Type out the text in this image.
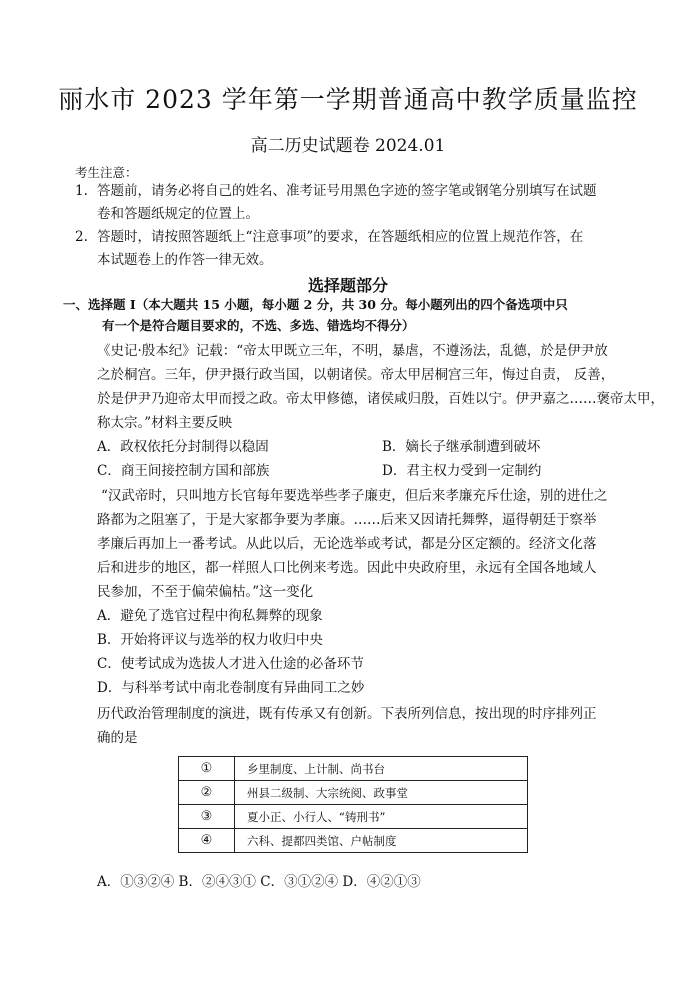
丽水市 2023 学年第一学期普通高中教学质量监控
高二历史试题卷 2024.01
考生注意：
1. 答题前，请务必将自己的姓名、准考证号用黑色字迹的签字笔或钢笔分别填写在试题
卷和答题纸规定的位置上。
2. 答题时，请按照答题纸上“注意事项”的要求，在答题纸相应的位置上规范作答，在
本试题卷上的作答一律无效。
选择题部分
一、选择题 I（本大题共 15 小题，每小题 2 分，共 30 分。每小题列出的四个备选项中只
有一个是符合题目要求的，不选、多选、错选均不得分）
《史记·殷本纪》记载：“帝太甲既立三年，不明，暴虐，不遵汤法，乱德，於是伊尹放
之於桐宫。三年，伊尹摄行政当国，以朝诸侯。帝太甲居桐宫三年，悔过自责， 反善，
於是伊尹乃迎帝太甲而授之政。帝太甲修德，诸侯咸归殷，百姓以宁。伊尹嘉之……褒帝太甲，
称太宗。”材料主要反映
A．政权依托分封制得以稳固	B．嫡长子继承制遭到破坏
C．商王间接控制方国和部族	D．君主权力受到一定制约
“汉武帝时，只叫地方长官每年要选举些孝子廉吏，但后来孝廉充斥仕途，别的进仕之
路都为之阻塞了，于是大家都争要为孝廉。……后来又因请托舞弊，逼得朝廷于察举
孝廉后再加上一番考试。从此以后，无论选举或考试，都是分区定额的。经济文化落
后和进步的地区，都一样照人口比例来考选。因此中央政府里，永远有全国各地域人
民参加，不至于偏荣偏枯。”这一变化
A．避免了选官过程中徇私舞弊的现象
B．开始将评议与选举的权力收归中央
C．使考试成为选拔人才进入仕途的必备环节
D．与科举考试中南北卷制度有异曲同工之妙
历代政治管理制度的演进，既有传承又有创新。下表所列信息，按出现的时序排列正
确的是
①	乡里制度、上计制、尚书台
②	州县二级制、大宗统阅、政事堂
③	夏小正、小行人、“铸刑书”
④	六科、提都四类馆、户帖制度
A．①③②④ B．②④③① C．③①②④ D．④②①③
